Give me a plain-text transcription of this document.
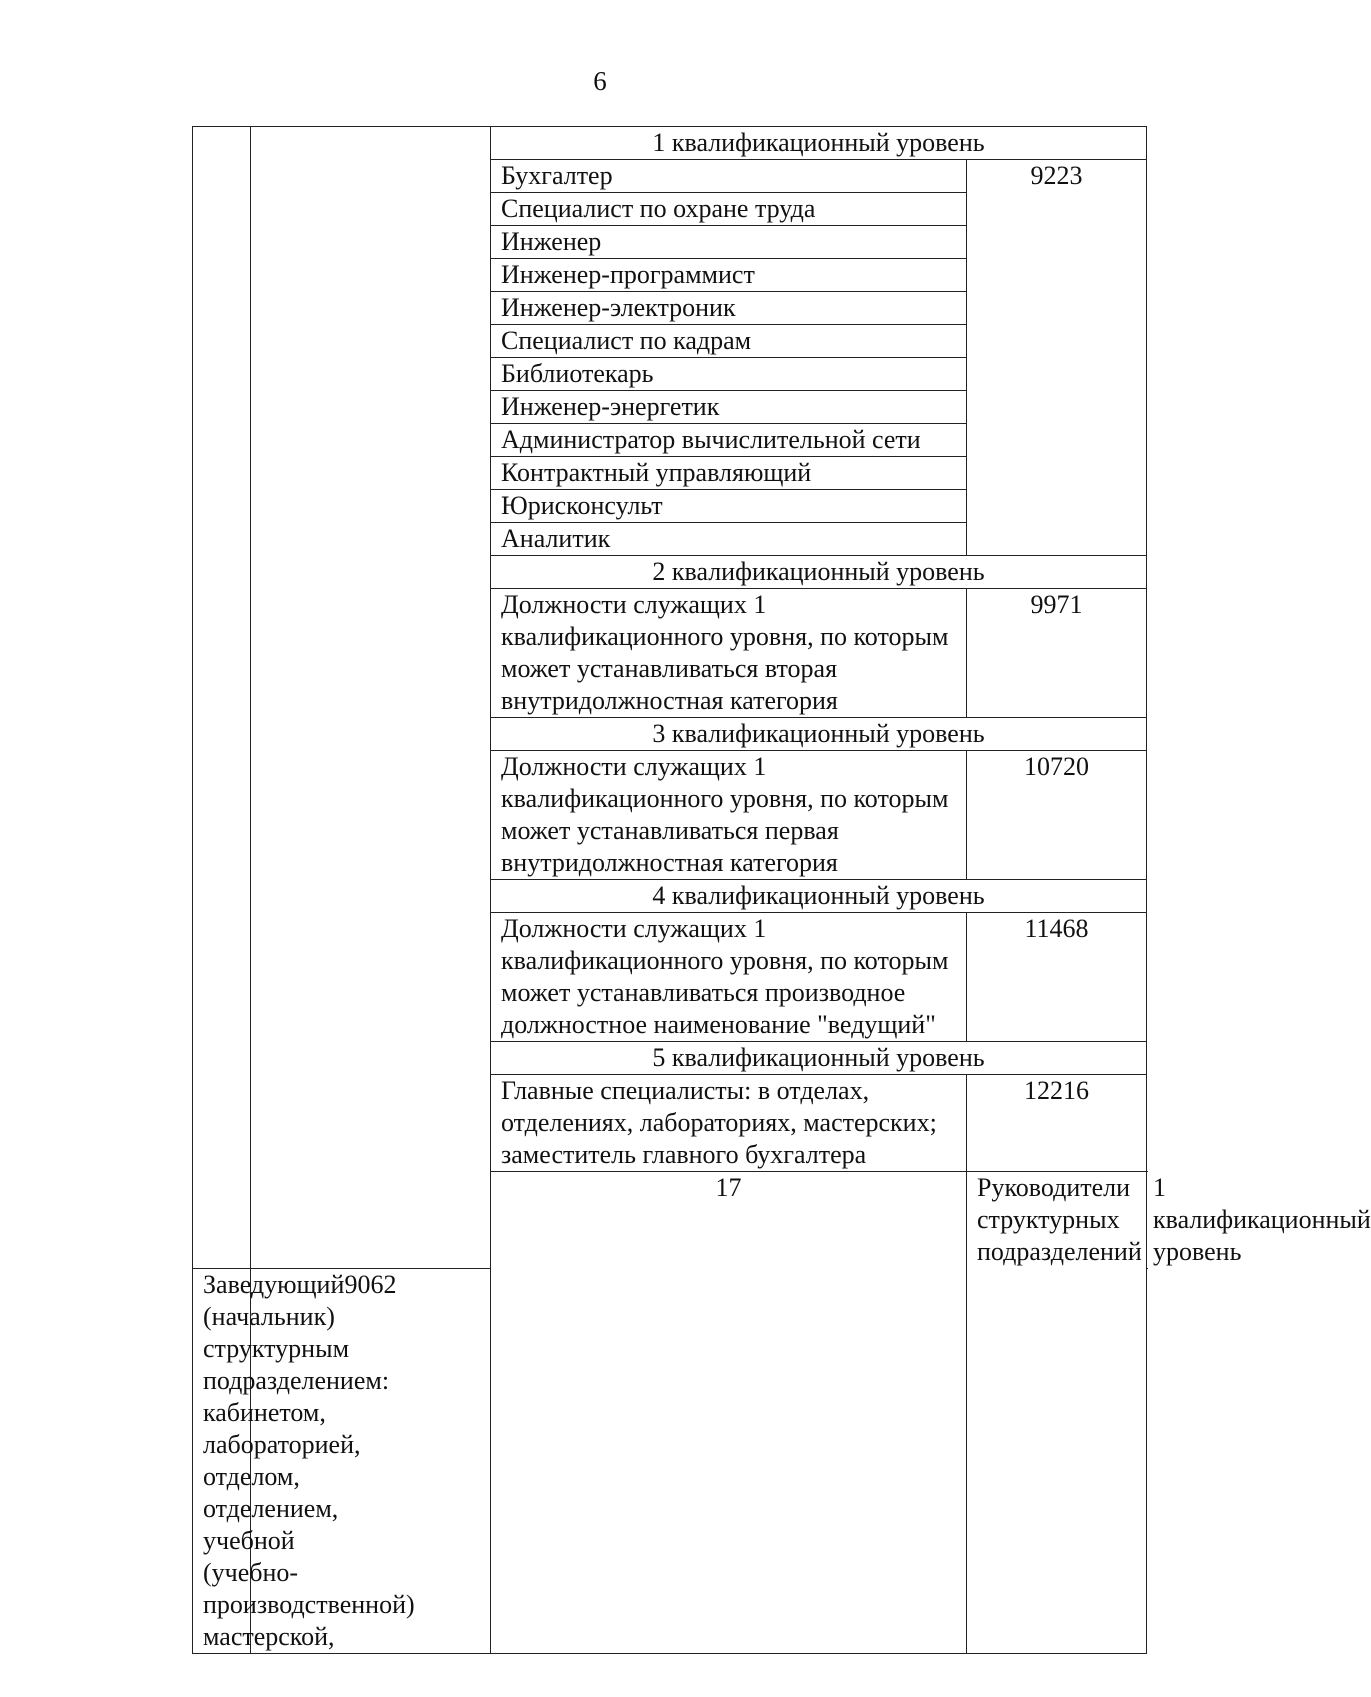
6
		1 квалификационный уровень		
		Бухгалтер	9223	
		Специалист по охране труда		
		Инженер		
		Инженер-программист		
		Инженер-электроник		
		Специалист по кадрам		
		Библиотекарь		
		Инженер-энергетик		
		Администратор вычислительной сети		
		Контрактный управляющий		
		Юрисконсульт		
		Аналитик		
		2 квалификационный уровень		
		Должности служащих 1 квалификационного уровня, по которым может устанавливаться вторая внутридолжностная категория	9971	
		3 квалификационный уровень		
		Должности служащих 1 квалификационного уровня, по которым может устанавливаться первая внутридолжностная категория	10720	
		4 квалификационный уровень		
		Должности служащих 1 квалификационного уровня, по которым может устанавливаться производное должностное наименование "ведущий"	11468	
		5 квалификационный уровень		
		Главные специалисты: в отделах, отделениях, лабораториях, мастерских; заместитель главного бухгалтера	12216	
		17	Руководители структурных подразделений	1 квалификационный уровень
Заведующий (начальник) структурным подразделением: кабинетом, лабораторией, отделом, отделением, учебной (учебно-производственной) мастерской,	9062			
